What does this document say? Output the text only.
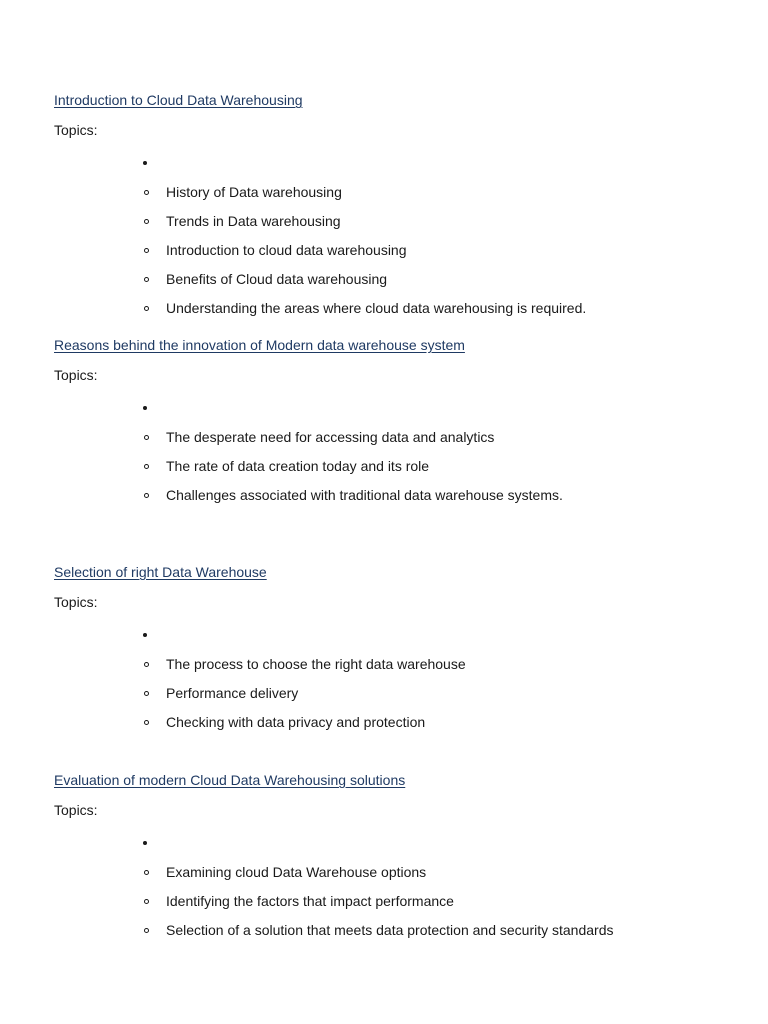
Introduction to Cloud Data Warehousing
Topics:
History of Data warehousing
Trends in Data warehousing
Introduction to cloud data warehousing
Benefits of Cloud data warehousing
Understanding the areas where cloud data warehousing is required.
Reasons behind the innovation of Modern data warehouse system
Topics:
The desperate need for accessing data and analytics
The rate of data creation today and its role
Challenges associated with traditional data warehouse systems.
Selection of right Data Warehouse
Topics:
The process to choose the right data warehouse
Performance delivery
Checking with data privacy and protection
Evaluation of modern Cloud Data Warehousing solutions
Topics:
Examining cloud Data Warehouse options
Identifying the factors that impact performance
Selection of a solution that meets data protection and security standards
